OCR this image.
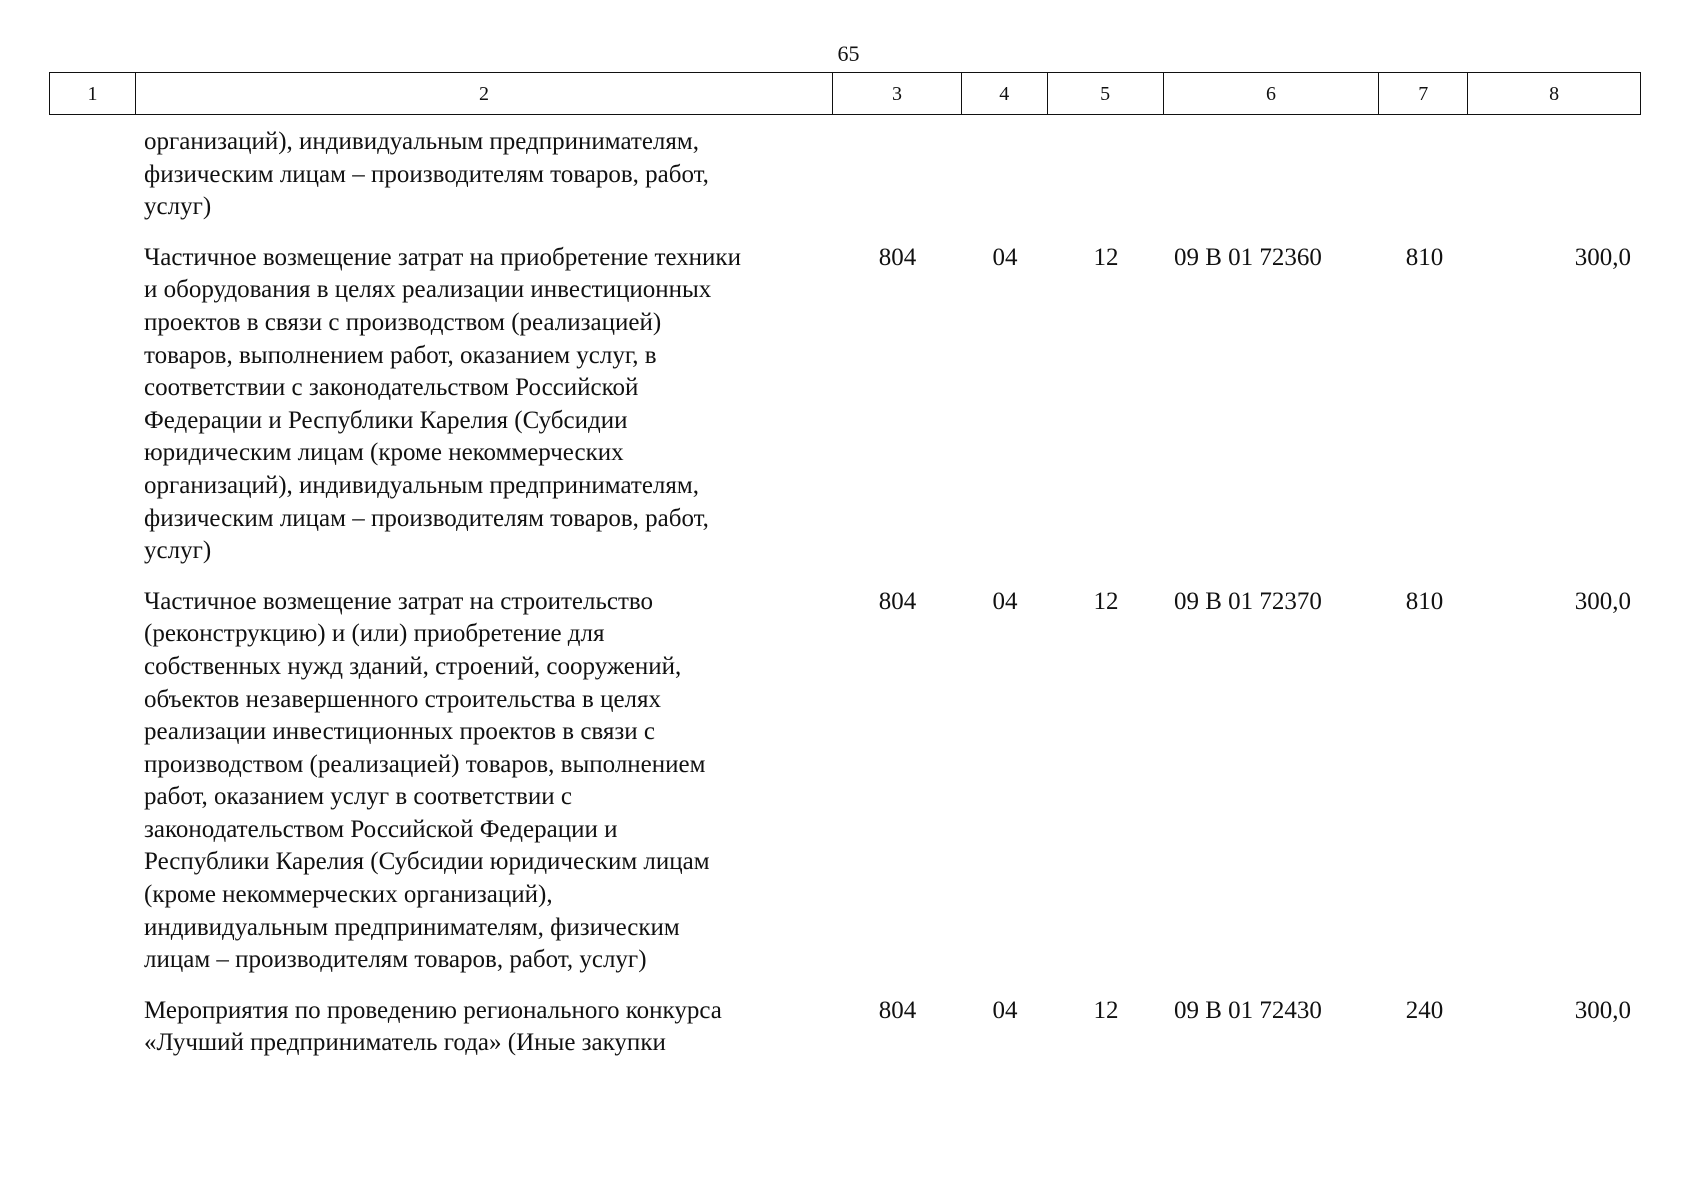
65
1	2	3	4	5	6	7	8
организаций), индивидуальным предпринимателям,
физическим лицам – производителям товаров, работ,
услуг)
Частичное возмещение затрат на приобретение техники
и оборудования в целях реализации инвестиционных
проектов в связи с производством (реализацией)
товаров, выполнением работ, оказанием услуг, в
соответствии с законодательством Российской
Федерации и Республики Карелия (Субсидии
юридическим лицам (кроме некоммерческих
организаций), индивидуальным предпринимателям,
физическим лицам – производителям товаров, работ,
услуг)
804	04	12	09 В 01 72360	810	300,0
Частичное возмещение затрат на строительство
(реконструкцию) и (или) приобретение для
собственных нужд зданий, строений, сооружений,
объектов незавершенного строительства в целях
реализации инвестиционных проектов в связи с
производством (реализацией) товаров, выполнением
работ, оказанием услуг в соответствии с
законодательством Российской Федерации и
Республики Карелия (Субсидии юридическим лицам
(кроме некоммерческих организаций),
индивидуальным предпринимателям, физическим
лицам – производителям товаров, работ, услуг)
804	04	12	09 В 01 72370	810	300,0
Мероприятия по проведению регионального конкурса
«Лучший предприниматель года» (Иные закупки
804	04	12	09 В 01 72430	240	300,0
